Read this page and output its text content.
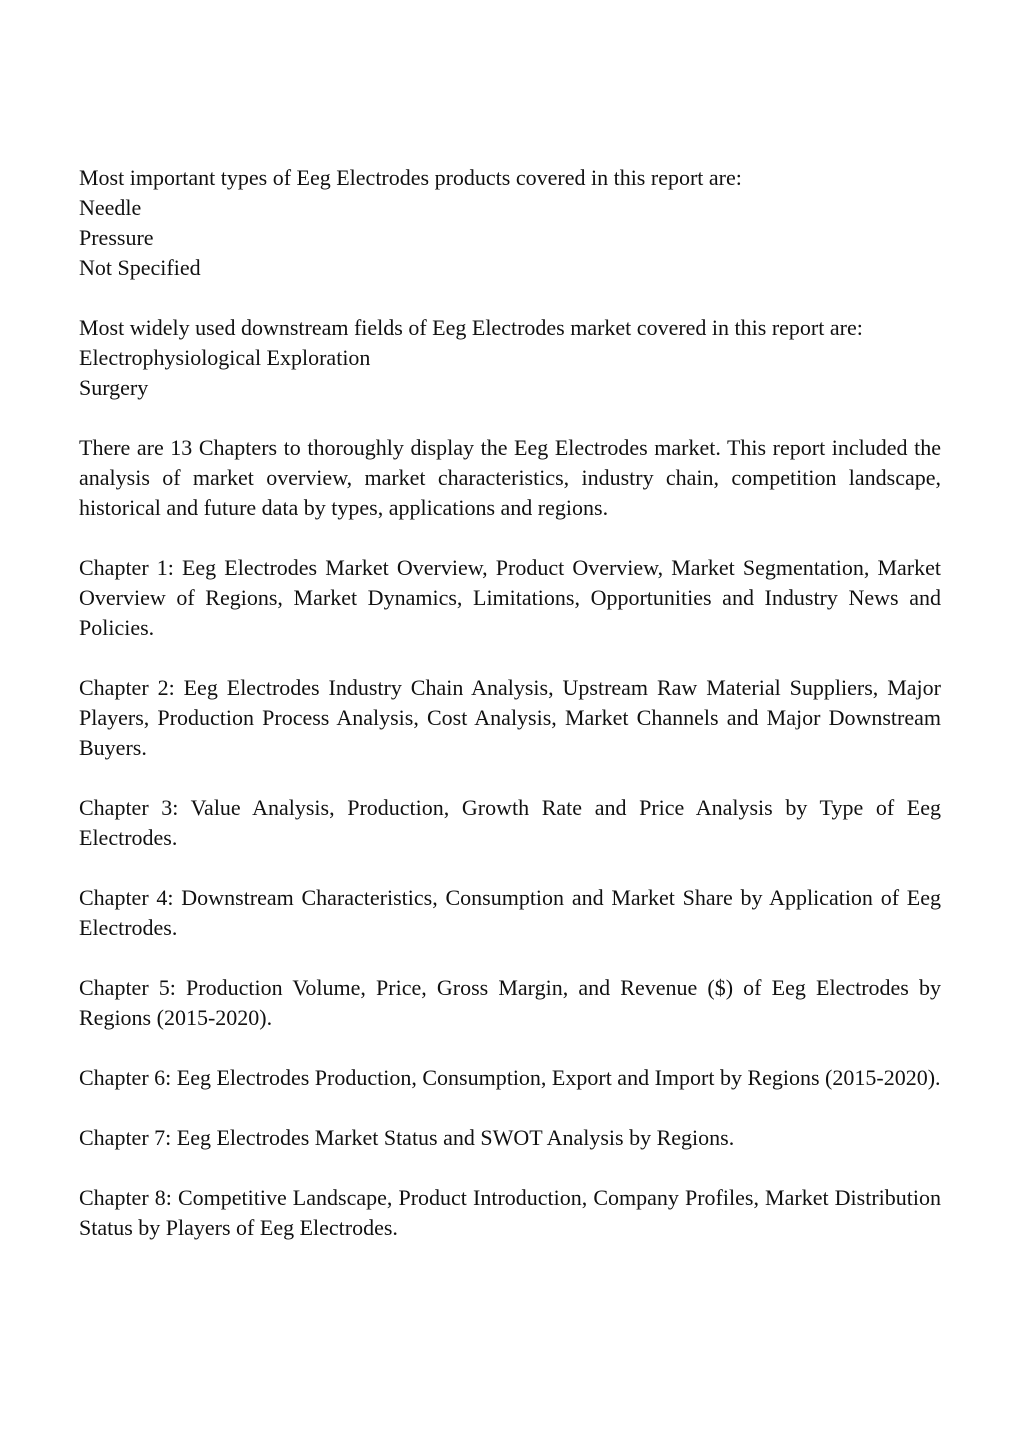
Most important types of Eeg Electrodes products covered in this report are:
Needle
Pressure
Not Specified
Most widely used downstream fields of Eeg Electrodes market covered in this report are:
Electrophysiological Exploration
Surgery

There are 13 Chapters to thoroughly display the Eeg Electrodes market. This report included the analysis of market overview, market characteristics, industry chain, competition landscape, historical and future data by types, applications and regions.

Chapter 1: Eeg Electrodes Market Overview, Product Overview, Market Segmentation, Market Overview of Regions, Market Dynamics, Limitations, Opportunities and Industry News and Policies.

Chapter 2: Eeg Electrodes Industry Chain Analysis, Upstream Raw Material Suppliers, Major Players, Production Process Analysis, Cost Analysis, Market Channels and Major Downstream Buyers.

Chapter 3: Value Analysis, Production, Growth Rate and Price Analysis by Type of Eeg Electrodes.

Chapter 4: Downstream Characteristics, Consumption and Market Share by Application of Eeg Electrodes.

Chapter 5: Production Volume, Price, Gross Margin, and Revenue ($) of Eeg Electrodes by Regions (2015-2020).

Chapter 6: Eeg Electrodes Production, Consumption, Export and Import by Regions (2015-2020).

Chapter 7: Eeg Electrodes Market Status and SWOT Analysis by Regions.

Chapter 8: Competitive Landscape, Product Introduction, Company Profiles, Market Distribution Status by Players of Eeg Electrodes.
